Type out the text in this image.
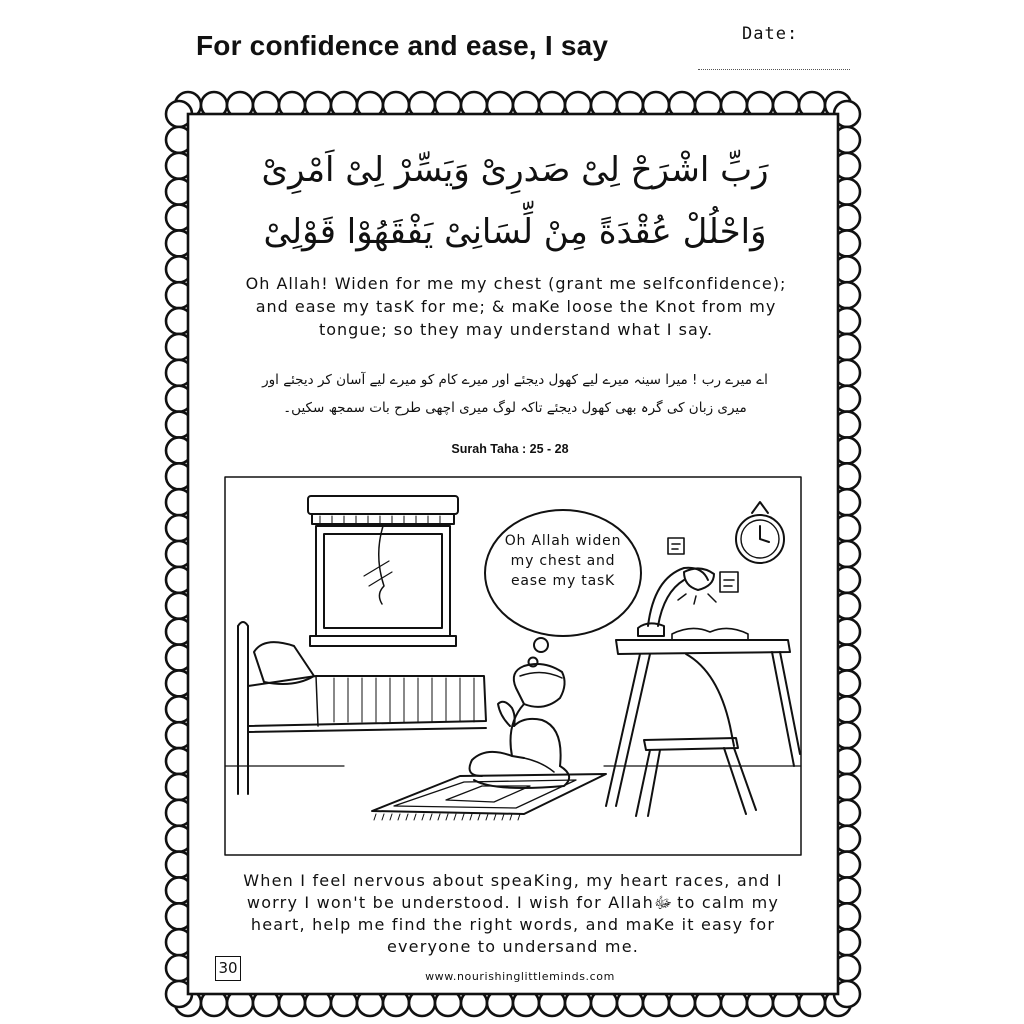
For confidence and ease, I say	Date:
رَبِّ اشْرَحْ لِىْ صَدرِىْ وَيَسِّرْ لِىْ اَمْرِىْ
وَاحْلُلْ عُقْدَةً مِنْ لِّسَانِىْ يَفْقَهُوْا قَوْلِىْ
Oh Allah! Widen for me my chest (grant me selfconfidence); and ease my tasK for me; & maKe loose the Knot from my tongue; so they may understand what I say.
اے میرے رب ! میرا سینہ میرے لیے کھول دیجئے اور میرے کام کو میرے لیے آسان کر دیجئے اور
میری زبان کی گرہ بھی کھول دیجئے تاکہ لوگ میری اچھی طرح بات سمجھ سکیں۔
Surah Taha : 25 - 28
Oh Allah widen my chest and ease my tasK
When I feel nervous about speaKing, my heart races, and I worry I won't be understood. I wish for Allahﷻ to calm my heart, help me find the right words, and maKe it easy for everyone to undersand me.
30	www.nourishinglittleminds.com
